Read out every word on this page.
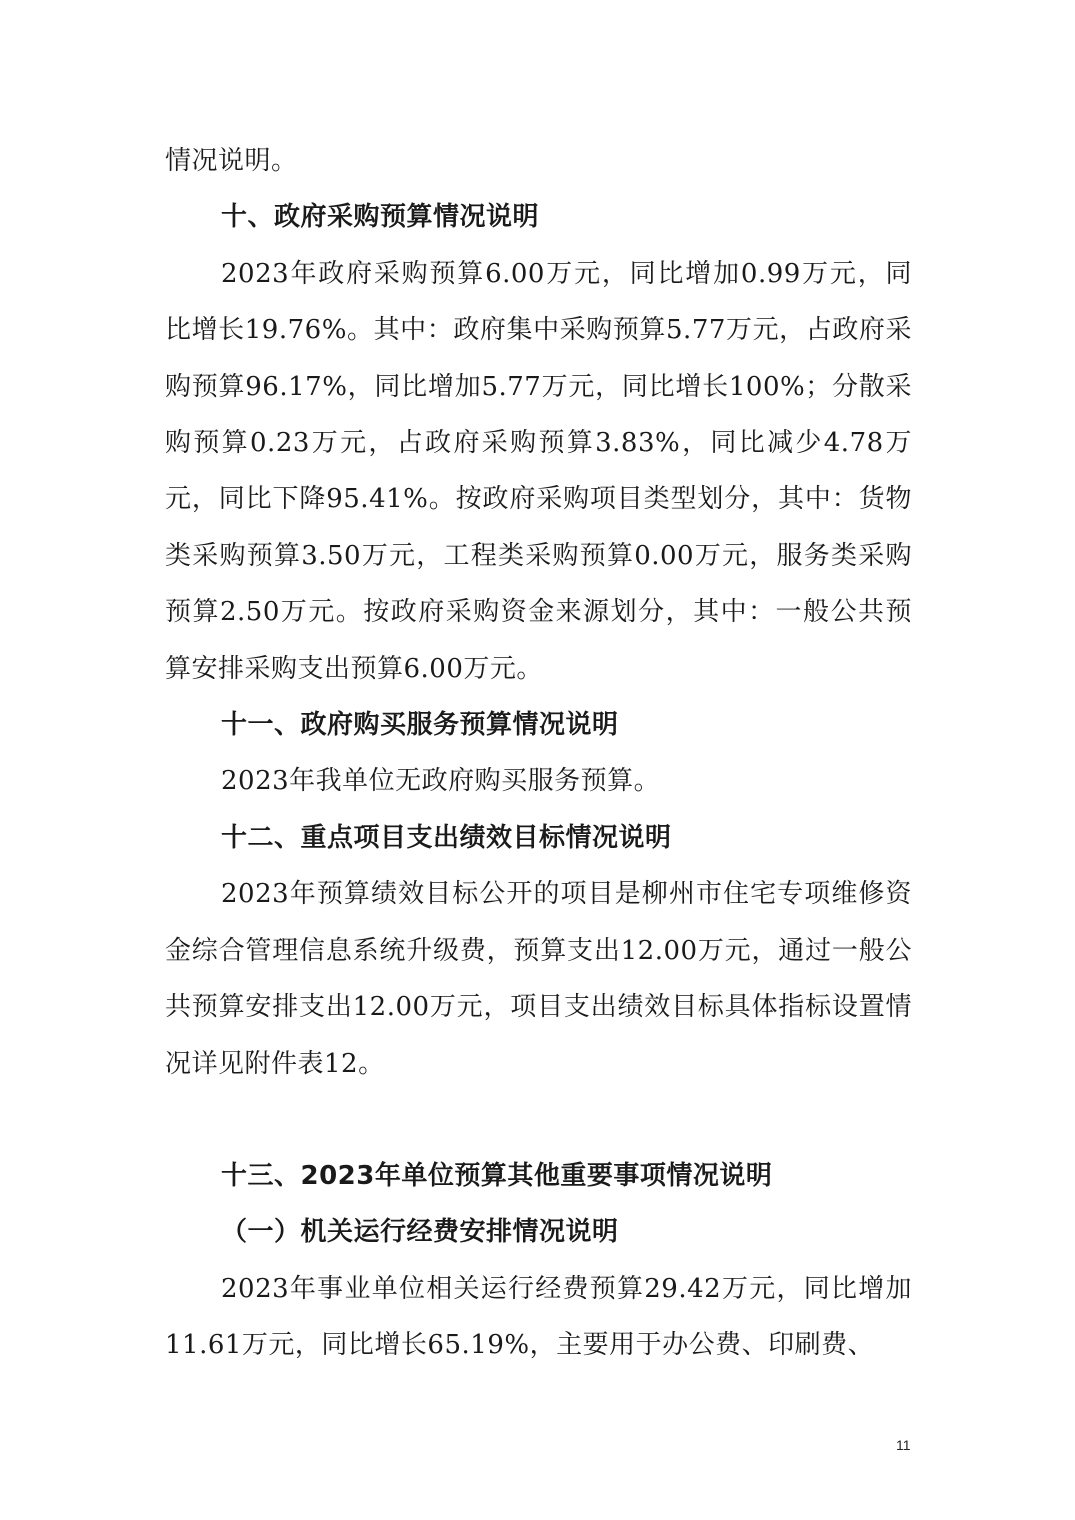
情况说明。

十、政府采购预算情况说明

2023年政府采购预算6.00万元，同比增加0.99万元，同比增长19.76%。其中：政府集中采购预算5.77万元，占政府采购预算96.17%，同比增加5.77万元，同比增长100%；分散采购预算0.23万元，占政府采购预算3.83%，同比减少4.78万元，同比下降95.41%。按政府采购项目类型划分，其中：货物类采购预算3.50万元，工程类采购预算0.00万元，服务类采购预算2.50万元。按政府采购资金来源划分，其中：一般公共预算安排采购支出预算6.00万元。

十一、政府购买服务预算情况说明

2023年我单位无政府购买服务预算。

十二、重点项目支出绩效目标情况说明

2023年预算绩效目标公开的项目是柳州市住宅专项维修资金综合管理信息系统升级费，预算支出12.00万元，通过一般公共预算安排支出12.00万元，项目支出绩效目标具体指标设置情况详见附件表12。

十三、2023年单位预算其他重要事项情况说明

（一）机关运行经费安排情况说明

2023年事业单位相关运行经费预算29.42万元，同比增加11.61万元，同比增长65.19%，主要用于办公费、印刷费、

11
